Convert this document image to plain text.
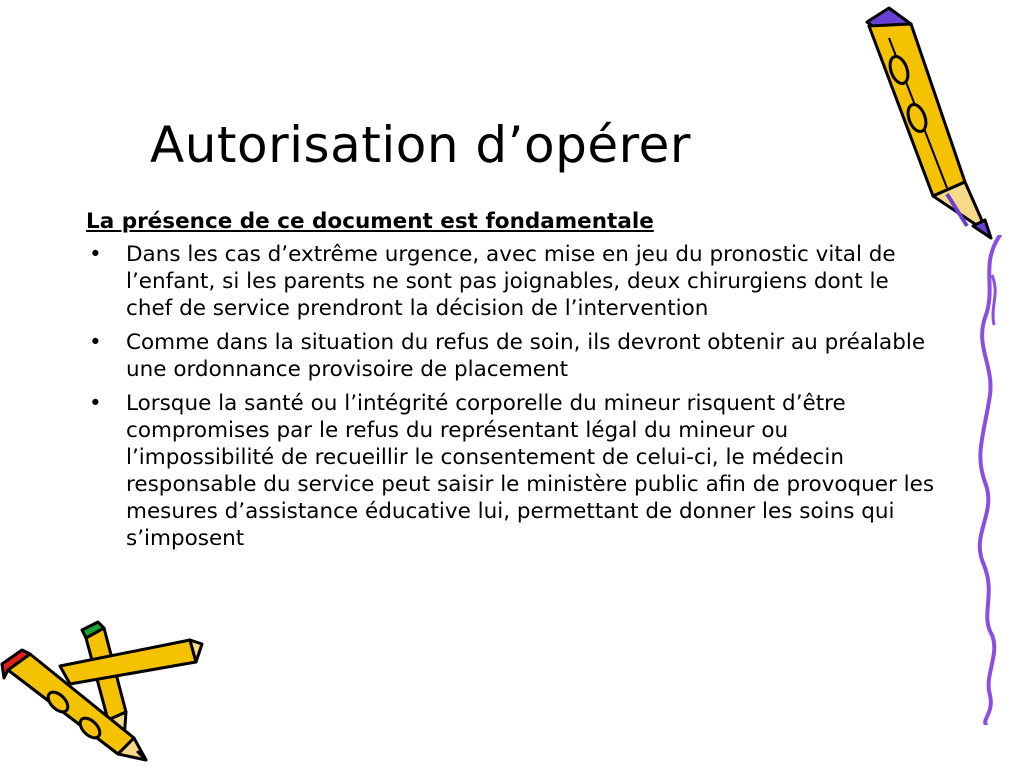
Autorisation d’opérer

La présence de ce document est fondamentale

• Dans les cas d’extrême urgence, avec mise en jeu du pronostic vital de l’enfant, si les parents ne sont pas joignables, deux chirurgiens dont le chef de service prendront la décision de l’intervention
• Comme dans la situation du refus de soin, ils devront obtenir au préalable une ordonnance provisoire de placement
• Lorsque la santé ou l’intégrité corporelle du mineur risquent d’être compromises par le refus du représentant légal du mineur ou l’impossibilité de recueillir le consentement de celui-ci, le médecin responsable du service peut saisir le ministère public afin de provoquer les mesures d’assistance éducative lui, permettant de donner les soins qui s’imposent
